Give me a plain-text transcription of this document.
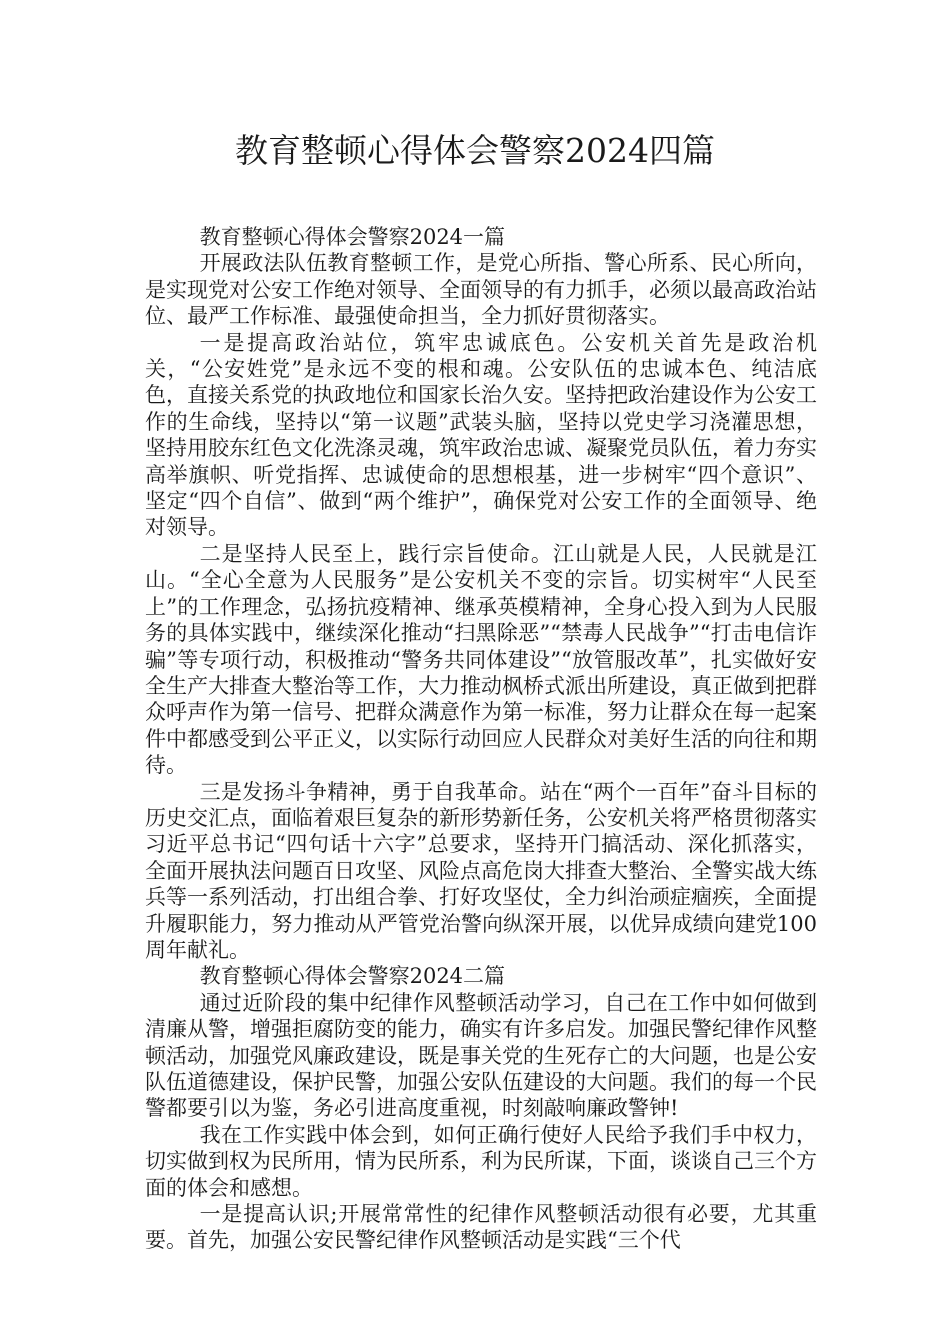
教育整顿心得体会警察2024四篇

教育整顿心得体会警察2024一篇

开展政法队伍教育整顿工作，是党心所指、警心所系、民心所向，是实现党对公安工作绝对领导、全面领导的有力抓手，必须以最高政治站位、最严工作标准、最强使命担当，全力抓好贯彻落实。

一是提高政治站位，筑牢忠诚底色。公安机关首先是政治机关，“公安姓党”是永远不变的根和魂。公安队伍的忠诚本色、纯洁底色，直接关系党的执政地位和国家长治久安。坚持把政治建设作为公安工作的生命线，坚持以“第一议题”武装头脑，坚持以党史学习浇灌思想，坚持用胶东红色文化洗涤灵魂，筑牢政治忠诚、凝聚党员队伍，着力夯实高举旗帜、听党指挥、忠诚使命的思想根基，进一步树牢“四个意识”、坚定“四个自信”、做到“两个维护”，确保党对公安工作的全面领导、绝对领导。

二是坚持人民至上，践行宗旨使命。江山就是人民，人民就是江山。“全心全意为人民服务”是公安机关不变的宗旨。切实树牢“人民至上”的工作理念，弘扬抗疫精神、继承英模精神，全身心投入到为人民服务的具体实践中，继续深化推动“扫黑除恶”“禁毒人民战争”“打击电信诈骗”等专项行动，积极推动“警务共同体建设”“放管服改革”，扎实做好安全生产大排查大整治等工作，大力推动枫桥式派出所建设，真正做到把群众呼声作为第一信号、把群众满意作为第一标准，努力让群众在每一起案件中都感受到公平正义，以实际行动回应人民群众对美好生活的向往和期待。

三是发扬斗争精神，勇于自我革命。站在“两个一百年”奋斗目标的历史交汇点，面临着艰巨复杂的新形势新任务，公安机关将严格贯彻落实习近平总书记“四句话十六字”总要求，坚持开门搞活动、深化抓落实，全面开展执法问题百日攻坚、风险点高危岗大排查大整治、全警实战大练兵等一系列活动，打出组合拳、打好攻坚仗，全力纠治顽症痼疾，全面提升履职能力，努力推动从严管党治警向纵深开展，以优异成绩向建党100周年献礼。

教育整顿心得体会警察2024二篇

通过近阶段的集中纪律作风整顿活动学习，自己在工作中如何做到清廉从警，增强拒腐防变的能力，确实有许多启发。加强民警纪律作风整顿活动，加强党风廉政建设，既是事关党的生死存亡的大问题，也是公安队伍道德建设，保护民警，加强公安队伍建设的大问题。我们的每一个民警都要引以为鉴，务必引进高度重视，时刻敲响廉政警钟!

我在工作实践中体会到，如何正确行使好人民给予我们手中权力，切实做到权为民所用，情为民所系，利为民所谋，下面，谈谈自己三个方面的体会和感想。

一是提高认识;开展常常性的纪律作风整顿活动很有必要，尤其重要。首先，加强公安民警纪律作风整顿活动是实践“三个代
